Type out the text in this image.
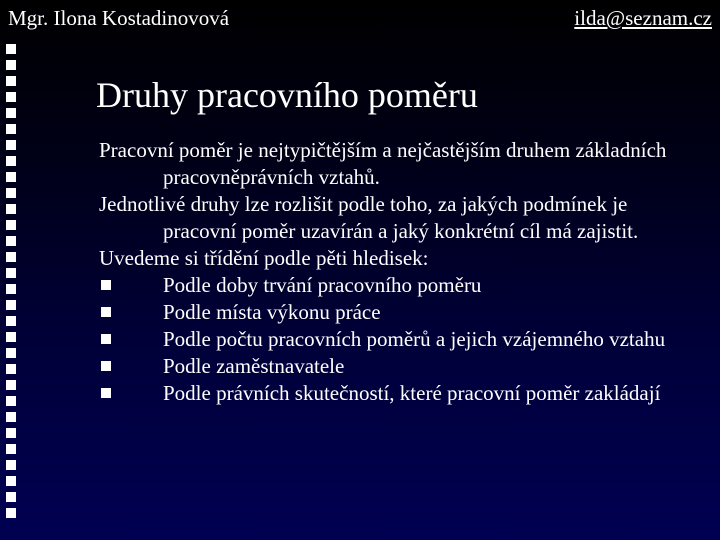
Mgr. Ilona Kostadinovová	ilda@seznam.cz
Druhy pracovního poměru

Pracovní poměr je nejtypičtějším a nejčastějším druhem základních pracovněprávních vztahů.

Jednotlivé druhy lze rozlišit podle toho, za jakých podmínek je pracovní poměr uzavírán a jaký konkrétní cíl má zajistit.

Uvedeme si třídění podle pěti hledisek:

Podle doby trvání pracovního poměru
Podle místa výkonu práce
Podle počtu pracovních poměrů a jejich vzájemného vztahu
Podle zaměstnavatele
Podle právních skutečností, které pracovní poměr zakládají
